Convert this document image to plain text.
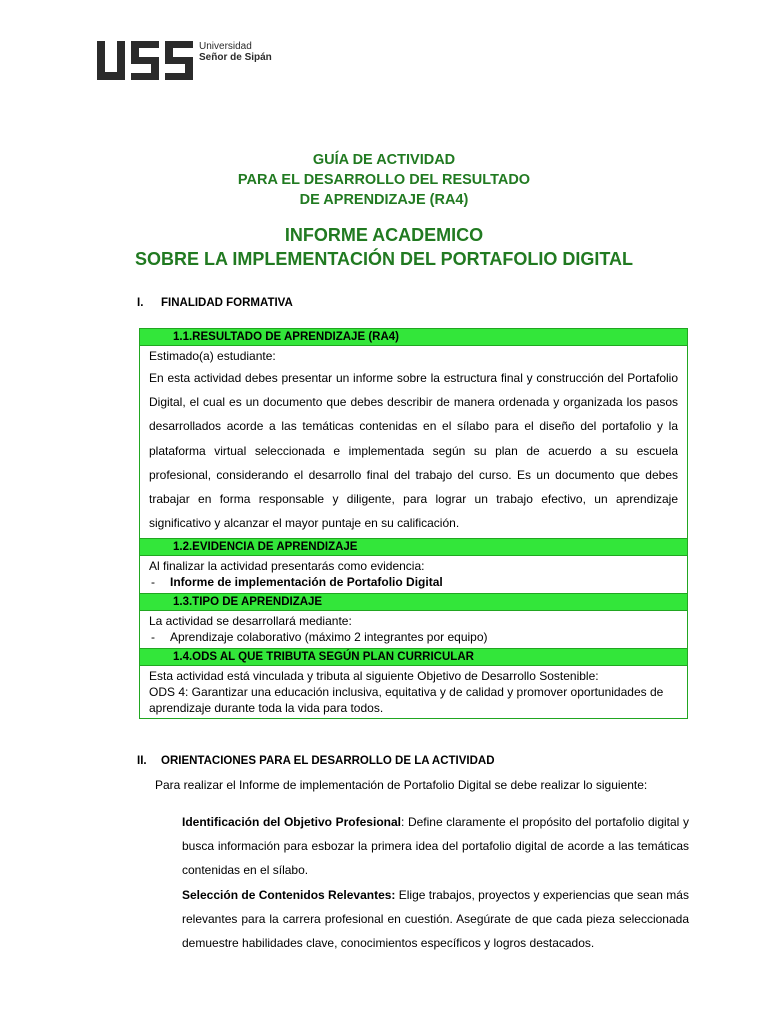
Universidad
Señor de Sipán
GUÍA DE ACTIVIDAD
PARA EL DESARROLLO DEL RESULTADO
DE APRENDIZAJE (RA4)
INFORME ACADEMICO
SOBRE LA IMPLEMENTACIÓN DEL PORTAFOLIO DIGITAL
I. FINALIDAD FORMATIVA
1.1.RESULTADO DE APRENDIZAJE (RA4)
Estimado(a) estudiante:
En esta actividad debes presentar un informe sobre la estructura final y construcción del Portafolio Digital, el cual es un documento que debes describir de manera ordenada y organizada los pasos desarrollados acorde a las temáticas contenidas en el sílabo para el diseño del portafolio y la plataforma virtual seleccionada e implementada según su plan de acuerdo a su escuela profesional, considerando el desarrollo final del trabajo del curso. Es un documento que debes trabajar en forma responsable y diligente, para lograr un trabajo efectivo, un aprendizaje significativo y alcanzar el mayor puntaje en su calificación.
1.2.EVIDENCIA DE APRENDIZAJE
Al finalizar la actividad presentarás como evidencia:
-	Informe de implementación de Portafolio Digital
1.3.TIPO DE APRENDIZAJE
La actividad se desarrollará mediante:
-	Aprendizaje colaborativo (máximo 2 integrantes por equipo)
1.4.ODS AL QUE TRIBUTA SEGÚN PLAN CURRICULAR
Esta actividad está vinculada y tributa al siguiente Objetivo de Desarrollo Sostenible:
ODS 4: Garantizar una educación inclusiva, equitativa y de calidad y promover oportunidades de aprendizaje durante toda la vida para todos.
II. ORIENTACIONES PARA EL DESARROLLO DE LA ACTIVIDAD
Para realizar el Informe de implementación de Portafolio Digital se debe realizar lo siguiente:
Identificación del Objetivo Profesional: Define claramente el propósito del portafolio digital y busca información para esbozar la primera idea del portafolio digital de acorde a las temáticas contenidas en el sílabo.
Selección de Contenidos Relevantes: Elige trabajos, proyectos y experiencias que sean más relevantes para la carrera profesional en cuestión. Asegúrate de que cada pieza seleccionada demuestre habilidades clave, conocimientos específicos y logros destacados.
